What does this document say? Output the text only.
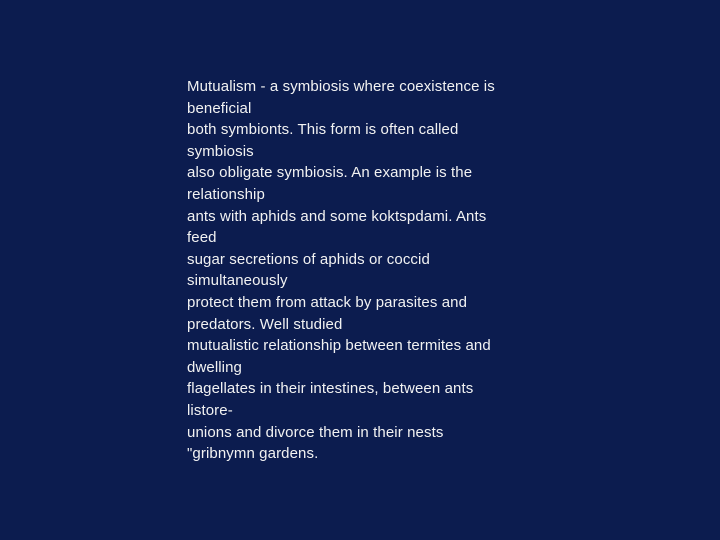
Mutualism - a symbiosis where coexistence is
beneficial
both symbionts. This form is often called
symbiosis
also obligate symbiosis. An example is the
relationship
ants with aphids and some koktspdami. Ants
feed
sugar secretions of aphids or coccid
simultaneously
protect them from attack by parasites and
predators. Well studied
mutualistic relationship between termites and
dwelling
flagellates in their intestines, between ants
listore-
unions and divorce them in their nests
"gribnymn gardens.
